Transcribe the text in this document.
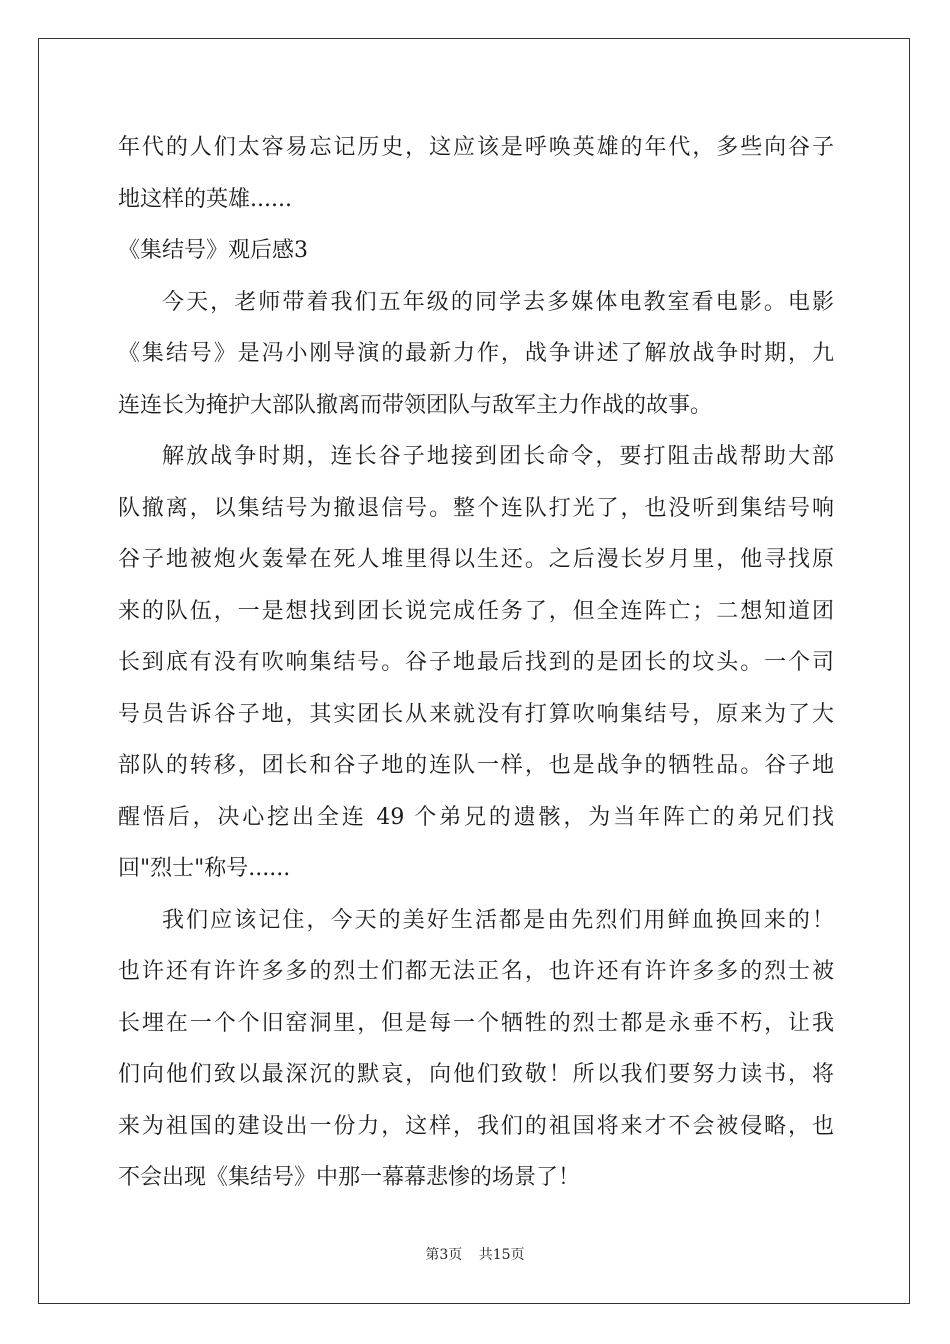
年代的人们太容易忘记历史，这应该是呼唤英雄的年代，多些向谷子
地这样的英雄......
《集结号》观后感3
今天，老师带着我们五年级的同学去多媒体电教室看电影。电影
《集结号》是冯小刚导演的最新力作，战争讲述了解放战争时期，九
连连长为掩护大部队撤离而带领团队与敌军主力作战的故事。
解放战争时期，连长谷子地接到团长命令，要打阻击战帮助大部
队撤离，以集结号为撤退信号。整个连队打光了，也没听到集结号响
谷子地被炮火轰晕在死人堆里得以生还。之后漫长岁月里，他寻找原
来的队伍，一是想找到团长说完成任务了，但全连阵亡；二想知道团
长到底有没有吹响集结号。谷子地最后找到的是团长的坟头。一个司
号员告诉谷子地，其实团长从来就没有打算吹响集结号，原来为了大
部队的转移，团长和谷子地的连队一样，也是战争的牺牲品。谷子地
醒悟后，决心挖出全连 49 个弟兄的遗骸，为当年阵亡的弟兄们找
回"烈士"称号......
我们应该记住，今天的美好生活都是由先烈们用鲜血换回来的！
也许还有许许多多的烈士们都无法正名，也许还有许许多多的烈士被
长埋在一个个旧窑洞里，但是每一个牺牲的烈士都是永垂不朽，让我
们向他们致以最深沉的默哀，向他们致敬！所以我们要努力读书，将
来为祖国的建设出一份力，这样，我们的祖国将来才不会被侵略，也
不会出现《集结号》中那一幕幕悲惨的场景了！
第3页 共15页
